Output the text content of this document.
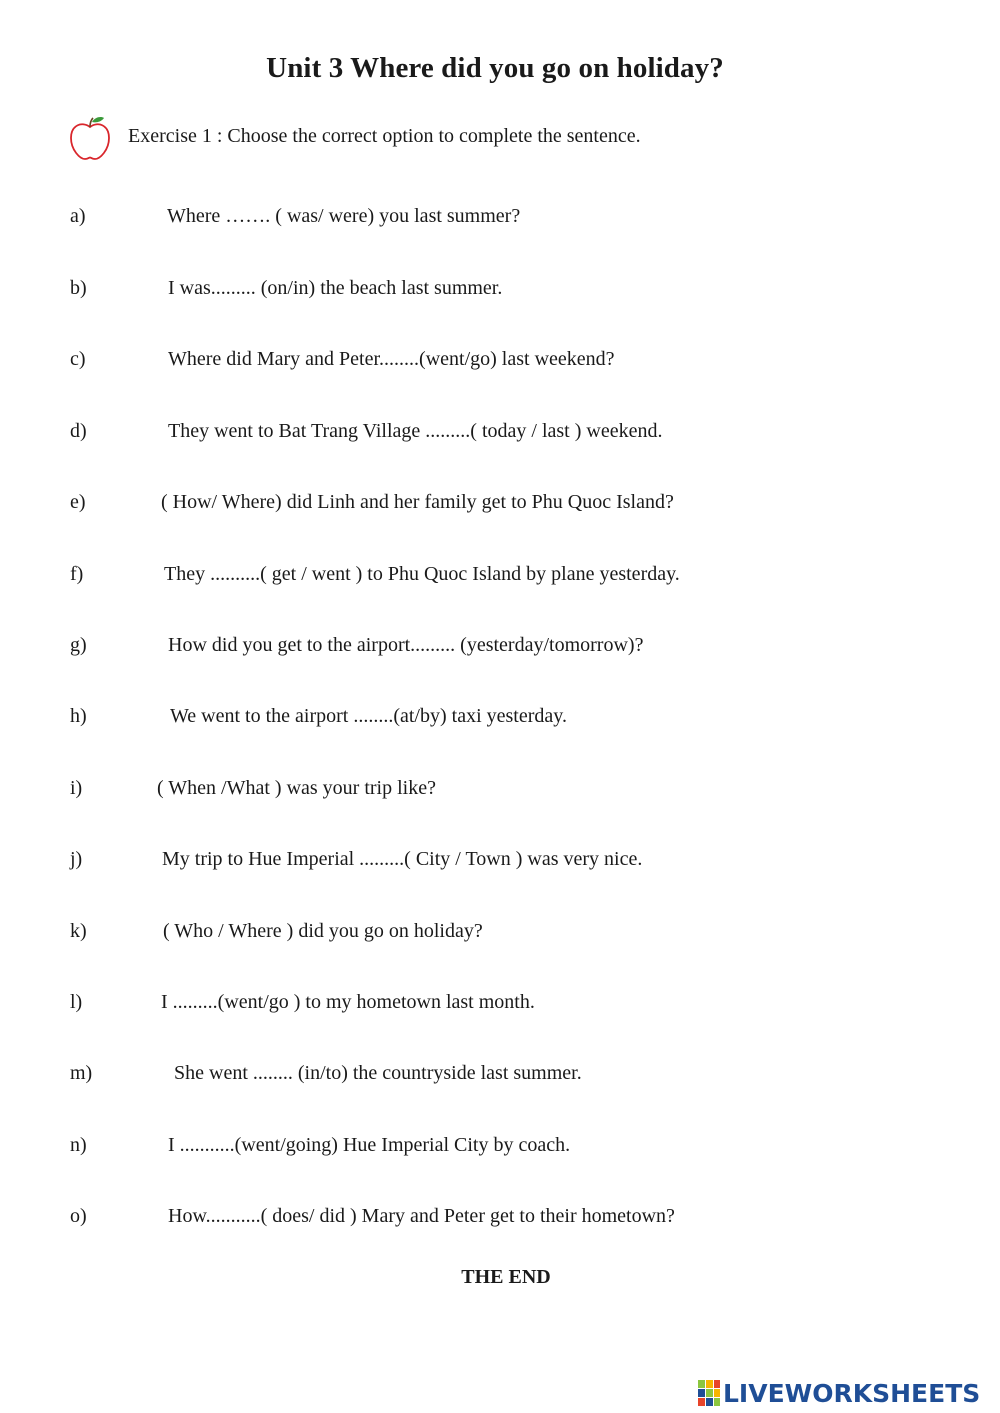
Unit 3 Where did you go on holiday?
Exercise 1 : Choose the correct option to complete the sentence.
a)	Where ……. ( was/ were) you last summer?
b)	I was......... (on/in) the beach last summer.
c)	Where did Mary and Peter........(went/go) last weekend?
d)	They went to Bat Trang Village .........( today / last ) weekend.
e)	( How/ Where) did Linh and her family get to Phu Quoc Island?
f)	They ..........( get / went ) to Phu Quoc Island by plane yesterday.
g)	How did you get to the airport......... (yesterday/tomorrow)?
h)	We went to the airport ........(at/by) taxi yesterday.
i)	( When /What ) was your trip like?
j)	My trip to Hue Imperial .........( City / Town ) was very nice.
k)	( Who / Where ) did you go on holiday?
l)	I .........(went/go ) to my hometown last month.
m)	She went ........ (in/to) the countryside last summer.
n)	I ...........(went/going) Hue Imperial City by coach.
o)	How...........( does/ did ) Mary and Peter get to their hometown?
THE END
LIVEWORKSHEETS
